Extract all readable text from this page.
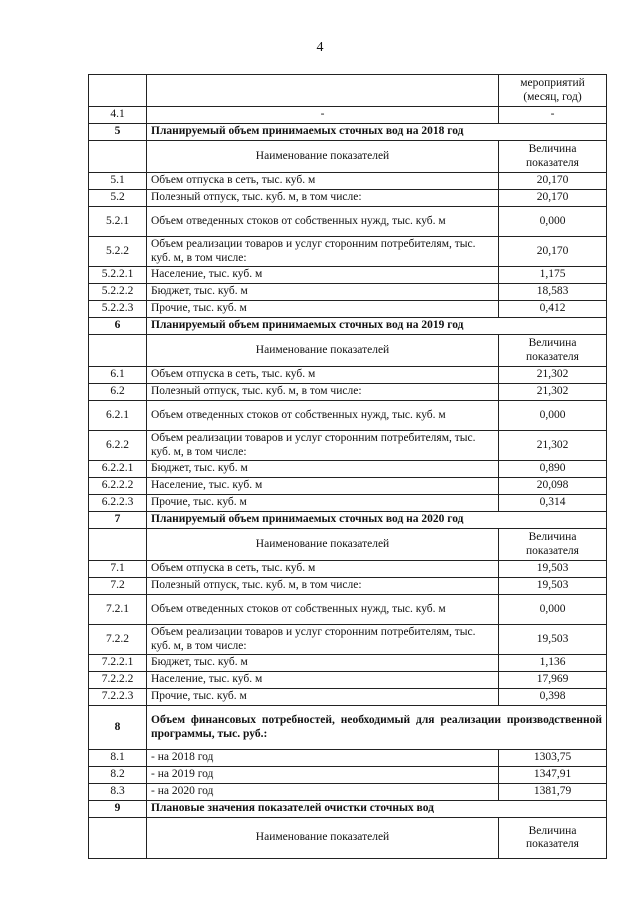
4
		мероприятий (месяц, год)
4.1	-	-
5	Планируемый объем принимаемых сточных вод на 2018 год	
	Наименование показателей	Величина показателя
5.1	Объем отпуска в сеть, тыс. куб. м	20,170
5.2	Полезный отпуск, тыс. куб. м, в том числе:	20,170
5.2.1	Объем отведенных стоков от собственных нужд, тыс. куб. м	0,000
5.2.2	Объем реализации товаров и услуг сторонним потребителям, тыс. куб. м, в том числе:	20,170
5.2.2.1	Население, тыс. куб. м	1,175
5.2.2.2	Бюджет, тыс. куб. м	18,583
5.2.2.3	Прочие, тыс. куб. м	0,412
6	Планируемый объем принимаемых сточных вод на 2019 год	
	Наименование показателей	Величина показателя
6.1	Объем отпуска в сеть, тыс. куб. м	21,302
6.2	Полезный отпуск, тыс. куб. м, в том числе:	21,302
6.2.1	Объем отведенных стоков от собственных нужд, тыс. куб. м	0,000
6.2.2	Объем реализации товаров и услуг сторонним потребителям, тыс. куб. м, в том числе:	21,302
6.2.2.1	Бюджет, тыс. куб. м	0,890
6.2.2.2	Население, тыс. куб. м	20,098
6.2.2.3	Прочие, тыс. куб. м	0,314
7	Планируемый объем принимаемых сточных вод на 2020 год	
	Наименование показателей	Величина показателя
7.1	Объем отпуска в сеть, тыс. куб. м	19,503
7.2	Полезный отпуск, тыс. куб. м, в том числе:	19,503
7.2.1	Объем отведенных стоков от собственных нужд, тыс. куб. м	0,000
7.2.2	Объем реализации товаров и услуг сторонним потребителям, тыс. куб. м, в том числе:	19,503
7.2.2.1	Бюджет, тыс. куб. м	1,136
7.2.2.2	Население, тыс. куб. м	17,969
7.2.2.3	Прочие, тыс. куб. м	0,398
8	Объем финансовых потребностей, необходимый для реализации производственной программы, тыс. руб.:	
8.1	- на 2018 год	1303,75
8.2	- на 2019 год	1347,91
8.3	- на 2020 год	1381,79
9	Плановые значения показателей очистки сточных вод	
	Наименование показателей	Величина показателя
